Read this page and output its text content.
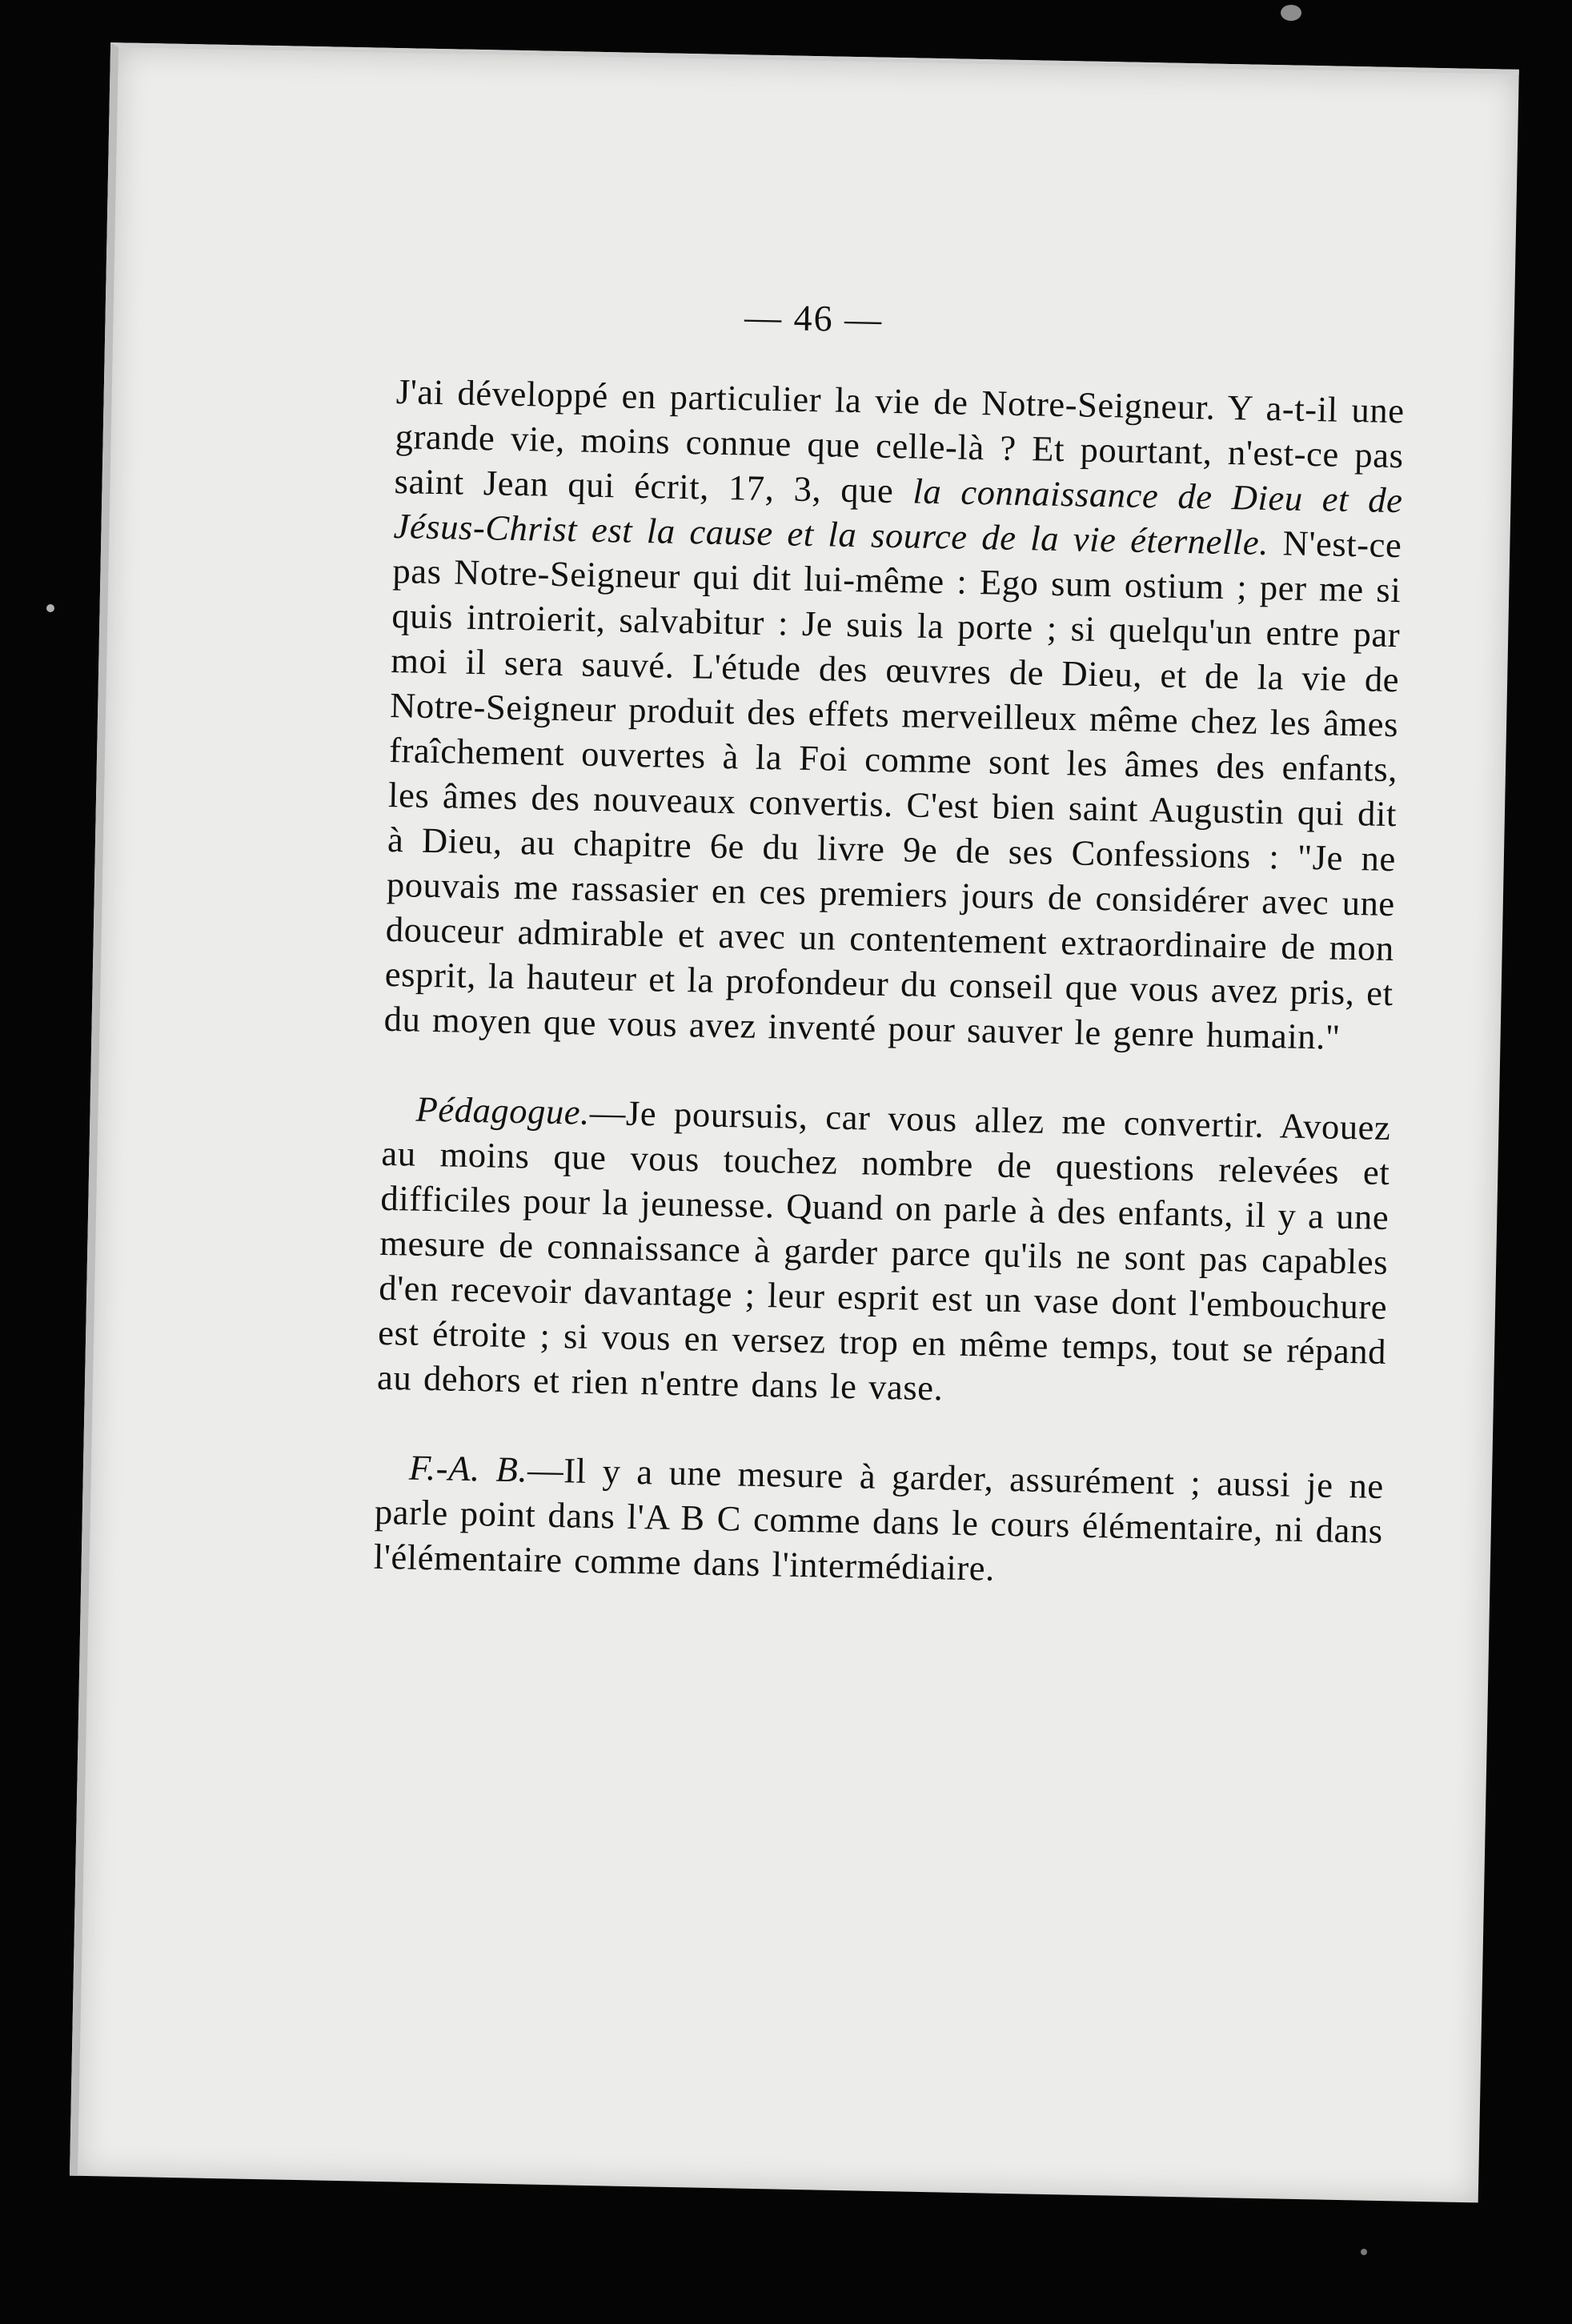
— 46 —
J'ai développé en particulier la vie de Notre-Seigneur. Y a-t-il une grande vie, moins connue que celle-là ? Et pourtant, n'est-ce pas saint Jean qui écrit, 17, 3, que la connaissance de Dieu et de Jésus-Christ est la cause et la source de la vie éternelle. N'est-ce pas Notre-Seigneur qui dit lui-même : Ego sum ostium ; per me si quis introierit, salvabitur : Je suis la porte ; si quelqu'un entre par moi il sera sauvé. L'étude des œuvres de Dieu, et de la vie de Notre-Seigneur produit des effets merveilleux même chez les âmes fraîchement ouvertes à la Foi comme sont les âmes des enfants, les âmes des nouveaux convertis. C'est bien saint Augustin qui dit à Dieu, au chapitre 6e du livre 9e de ses Confessions : "Je ne pouvais me rassasier en ces premiers jours de considérer avec une douceur admirable et avec un contentement extraordinaire de mon esprit, la hauteur et la profondeur du conseil que vous avez pris, et du moyen que vous avez inventé pour sauver le genre humain."
Pédagogue.—Je poursuis, car vous allez me convertir. Avouez au moins que vous touchez nombre de questions relevées et difficiles pour la jeunesse. Quand on parle à des enfants, il y a une mesure de connaissance à garder parce qu'ils ne sont pas capables d'en recevoir davantage ; leur esprit est un vase dont l'embouchure est étroite ; si vous en versez trop en même temps, tout se répand au dehors et rien n'entre dans le vase.
F.-A. B.—Il y a une mesure à garder, assurément ; aussi je ne parle point dans l'A B C comme dans le cours élémentaire, ni dans l'élémentaire comme dans l'intermédiaire.
